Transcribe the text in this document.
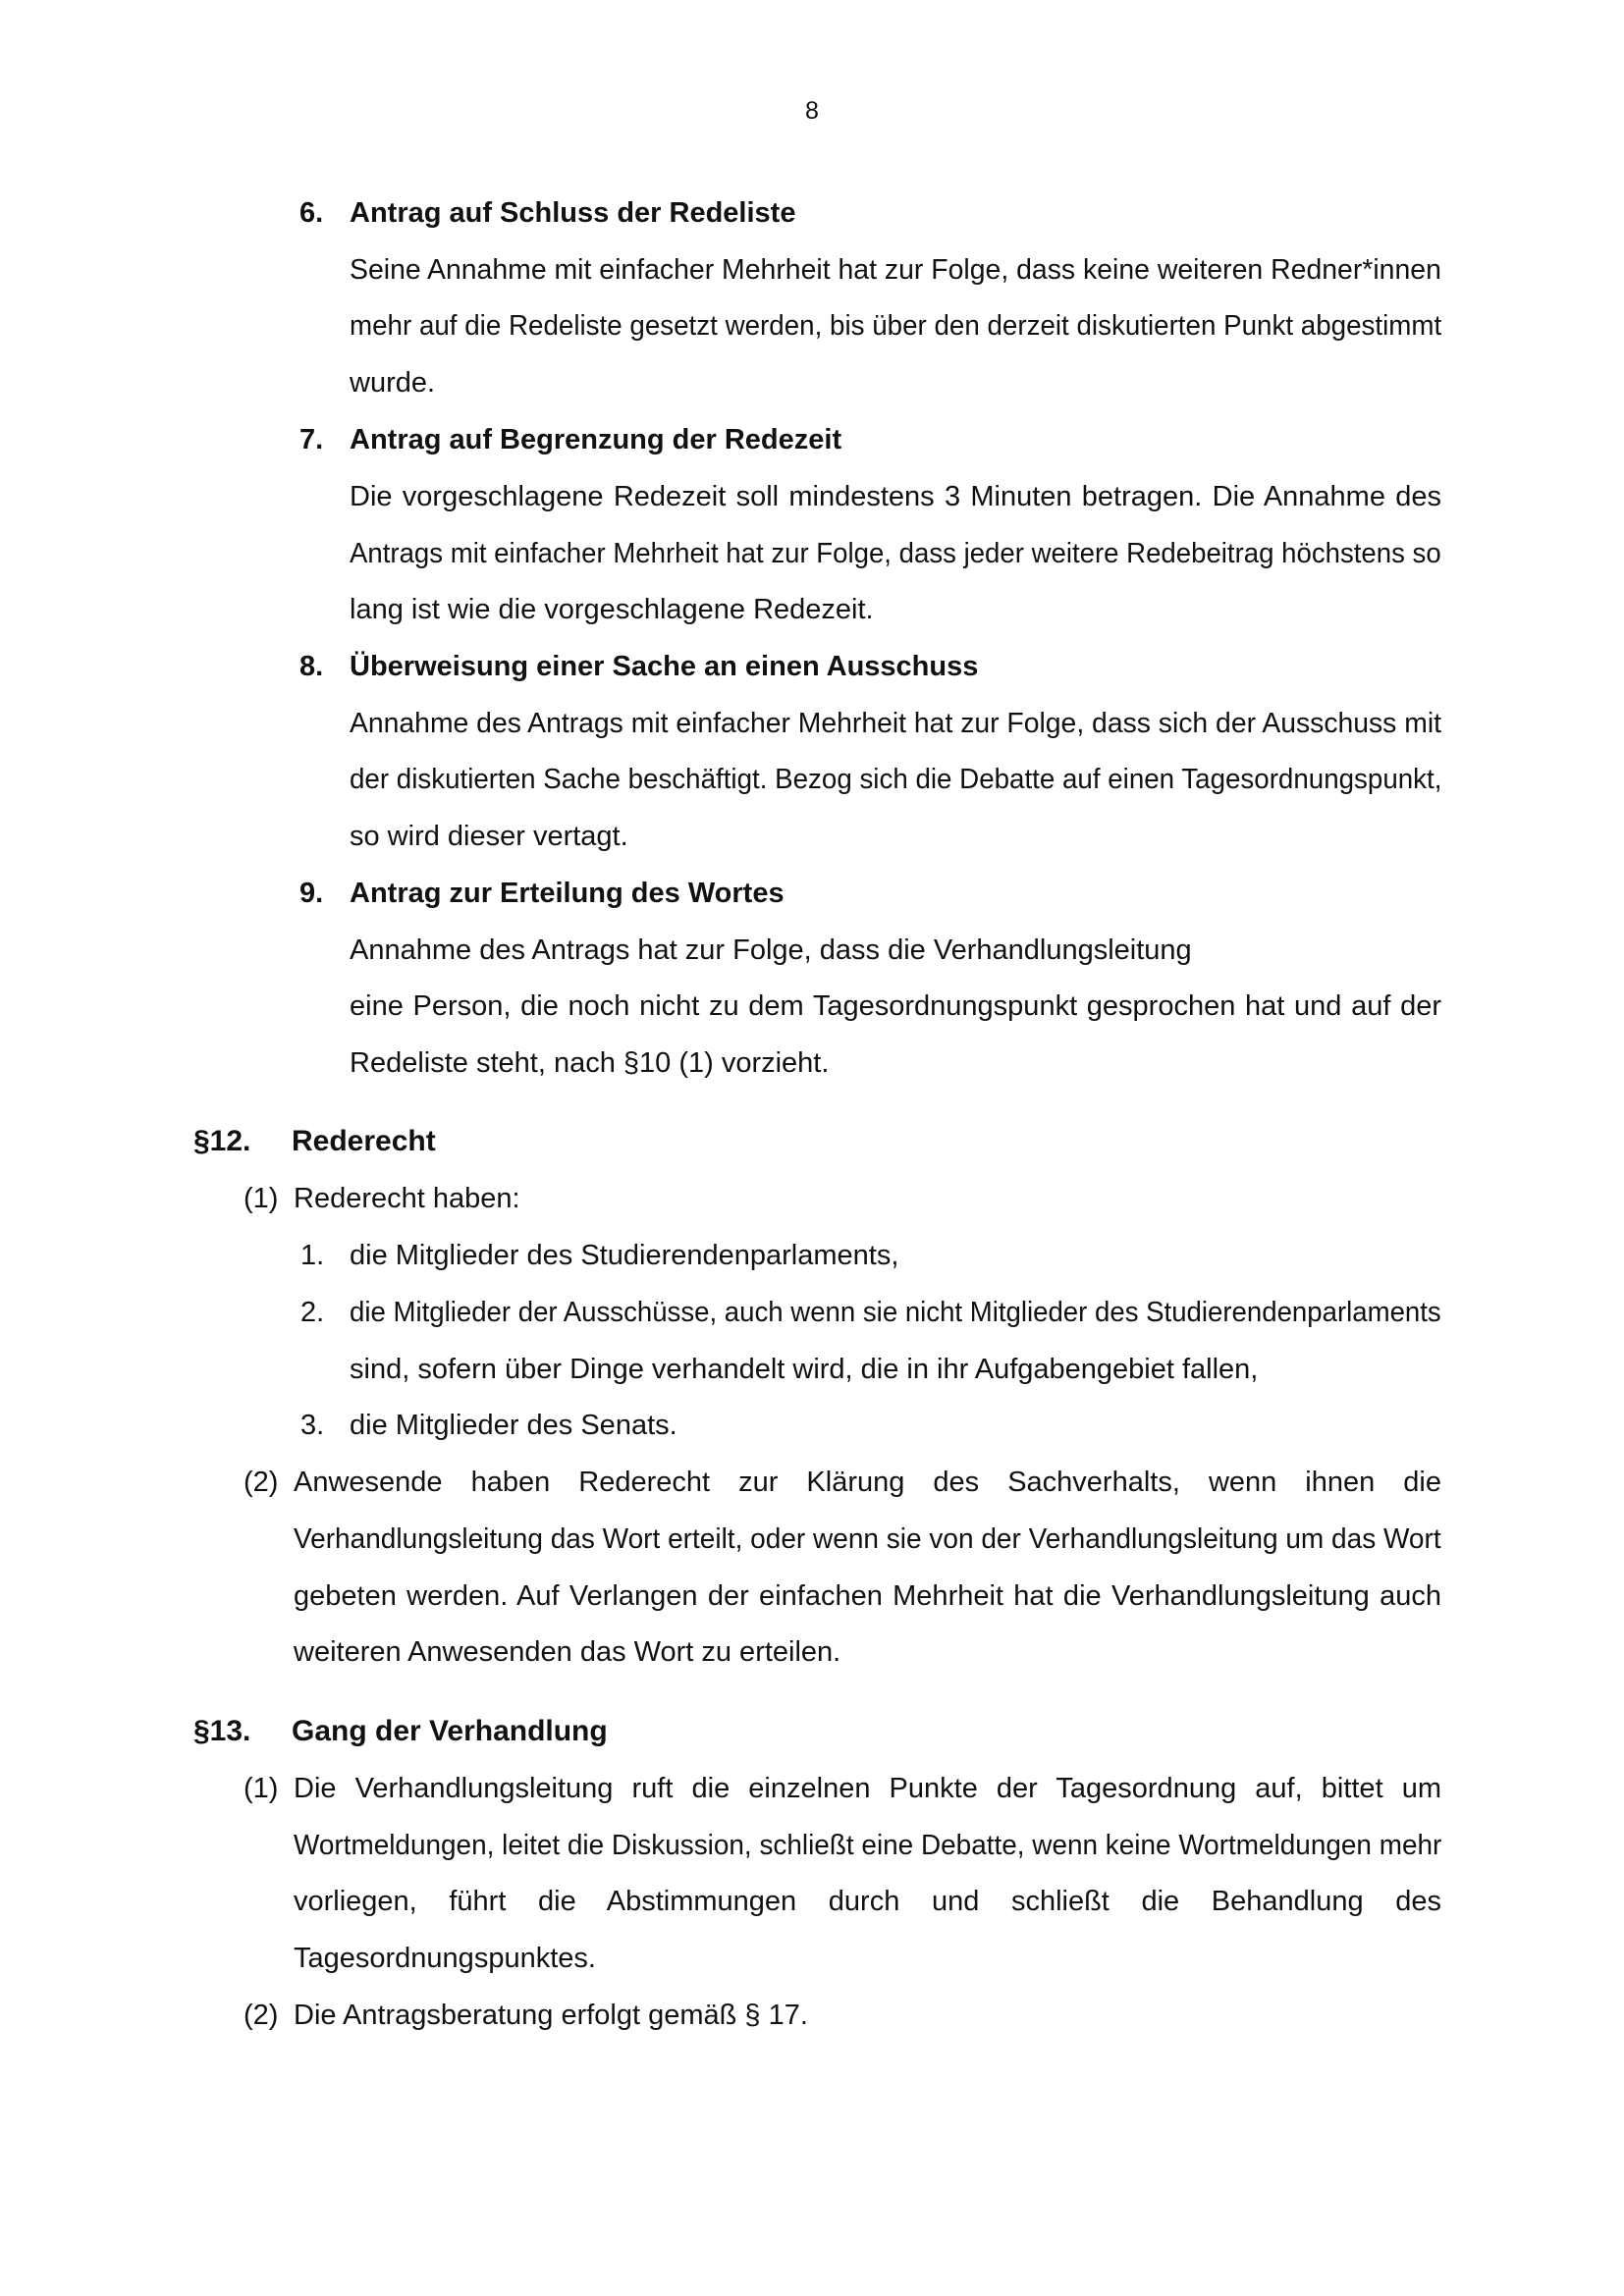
8
6. Antrag auf Schluss der Redeliste
Seine Annahme mit einfacher Mehrheit hat zur Folge, dass keine weiteren Redner*innen
mehr auf die Redeliste gesetzt werden, bis über den derzeit diskutierten Punkt abgestimmt
wurde.
7. Antrag auf Begrenzung der Redezeit
Die vorgeschlagene Redezeit soll mindestens 3 Minuten betragen. Die Annahme des
Antrags mit einfacher Mehrheit hat zur Folge, dass jeder weitere Redebeitrag höchstens so
lang ist wie die vorgeschlagene Redezeit.
8. Überweisung einer Sache an einen Ausschuss
Annahme des Antrags mit einfacher Mehrheit hat zur Folge, dass sich der Ausschuss mit
der diskutierten Sache beschäftigt. Bezog sich die Debatte auf einen Tagesordnungspunkt,
so wird dieser vertagt.
9. Antrag zur Erteilung des Wortes
Annahme des Antrags hat zur Folge, dass die Verhandlungsleitung
eine Person, die noch nicht zu dem Tagesordnungspunkt gesprochen hat und auf der
Redeliste steht, nach §10 (1) vorzieht.
§12. Rederecht
(1) Rederecht haben:
1. die Mitglieder des Studierendenparlaments,
2. die Mitglieder der Ausschüsse, auch wenn sie nicht Mitglieder des Studierendenparlaments
sind, sofern über Dinge verhandelt wird, die in ihr Aufgabengebiet fallen,
3. die Mitglieder des Senats.
(2) Anwesende haben Rederecht zur Klärung des Sachverhalts, wenn ihnen die
Verhandlungsleitung das Wort erteilt, oder wenn sie von der Verhandlungsleitung um das Wort
gebeten werden. Auf Verlangen der einfachen Mehrheit hat die Verhandlungsleitung auch
weiteren Anwesenden das Wort zu erteilen.
§13. Gang der Verhandlung
(1) Die Verhandlungsleitung ruft die einzelnen Punkte der Tagesordnung auf, bittet um
Wortmeldungen, leitet die Diskussion, schließt eine Debatte, wenn keine Wortmeldungen mehr
vorliegen, führt die Abstimmungen durch und schließt die Behandlung des
Tagesordnungspunktes.
(2) Die Antragsberatung erfolgt gemäß § 17.
